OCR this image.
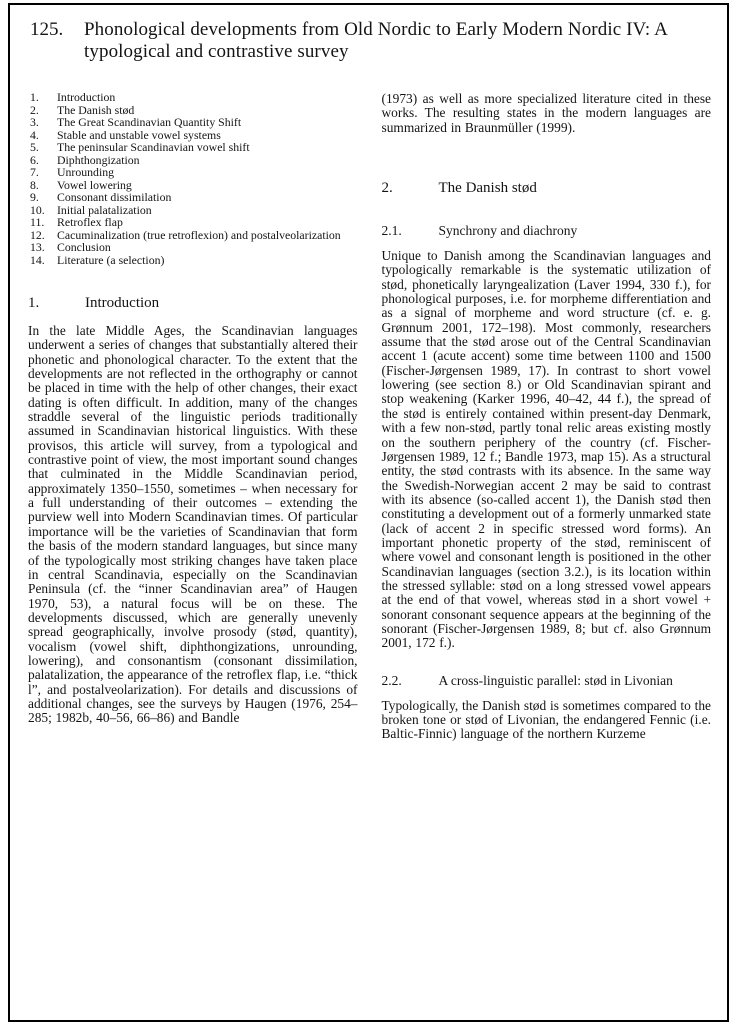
125.	Phonological developments from Old Nordic to Early Modern Nordic IV: A typological and contrastive survey
1.	Introduction
2.	The Danish stød
3.	The Great Scandinavian Quantity Shift
4.	Stable and unstable vowel systems
5.	The peninsular Scandinavian vowel shift
6.	Diphthongization
7.	Unrounding
8.	Vowel lowering
9.	Consonant dissimilation
10.	Initial palatalization
11.	Retroflex flap
12.	Cacuminalization (true retroflexion) and postalveolarization
13.	Conclusion
14.	Literature (a selection)
1.	Introduction

In the late Middle Ages, the Scandinavian languages underwent a series of changes that substantially altered their phonetic and phonological character. To the extent that the developments are not reflected in the orthography or cannot be placed in time with the help of other changes, their exact dating is often difficult. In addition, many of the changes straddle several of the linguistic periods traditionally assumed in Scandinavian historical linguistics. With these provisos, this article will survey, from a typological and contrastive point of view, the most important sound changes that culminated in the Middle Scandinavian period, approximately 1350–1550, sometimes – when necessary for a full understanding of their outcomes – extending the purview well into Modern Scandinavian times. Of particular importance will be the varieties of Scandinavian that form the basis of the modern standard languages, but since many of the typologically most striking changes have taken place in central Scandinavia, especially on the Scandinavian Peninsula (cf. the “inner Scandinavian area” of Haugen 1970, 53), a natural focus will be on these. The developments discussed, which are generally unevenly spread geographically, involve prosody (stød, quantity), vocalism (vowel shift, diphthongizations, unrounding, lowering), and consonantism (consonant dissimilation, palatalization, the appearance of the retroflex flap, i.e. “thick l”, and postalveolarization). For details and discussions of additional changes, see the surveys by Haugen (1976, 254–285; 1982b, 40–56, 66–86) and Bandle

(1973) as well as more specialized literature cited in these works. The resulting states in the modern languages are summarized in Braunmüller (1999).

2.	The Danish stød
2.1.	Synchrony and diachrony

Unique to Danish among the Scandinavian languages and typologically remarkable is the systematic utilization of stød, phonetically laryngealization (Laver 1994, 330 f.), for phonological purposes, i.e. for morpheme differentiation and as a signal of morpheme and word structure (cf. e. g. Grønnum 2001, 172–198). Most commonly, researchers assume that the stød arose out of the Central Scandinavian accent 1 (acute accent) some time between 1100 and 1500 (Fischer-Jørgensen 1989, 17). In contrast to short vowel lowering (see section 8.) or Old Scandinavian spirant and stop weakening (Karker 1996, 40–42, 44 f.), the spread of the stød is entirely contained within present-day Denmark, with a few non-stød, partly tonal relic areas existing mostly on the southern periphery of the country (cf. Fischer-Jørgensen 1989, 12 f.; Bandle 1973, map 15). As a structural entity, the stød contrasts with its absence. In the same way the Swedish-Norwegian accent 2 may be said to contrast with its absence (so-called accent 1), the Danish stød then constituting a development out of a formerly unmarked state (lack of accent 2 in specific stressed word forms). An important phonetic property of the stød, reminiscent of where vowel and consonant length is positioned in the other Scandinavian languages (section 3.2.), is its location within the stressed syllable: stød on a long stressed vowel appears at the end of that vowel, whereas stød in a short vowel + sonorant consonant sequence appears at the beginning of the sonorant (Fischer-Jørgensen 1989, 8; but cf. also Grønnum 2001, 172 f.).

2.2.	A cross-linguistic parallel: stød in Livonian

Typologically, the Danish stød is sometimes compared to the broken tone or stød of Livonian, the endangered Fennic (i.e. Baltic-Finnic) language of the northern Kurzeme
